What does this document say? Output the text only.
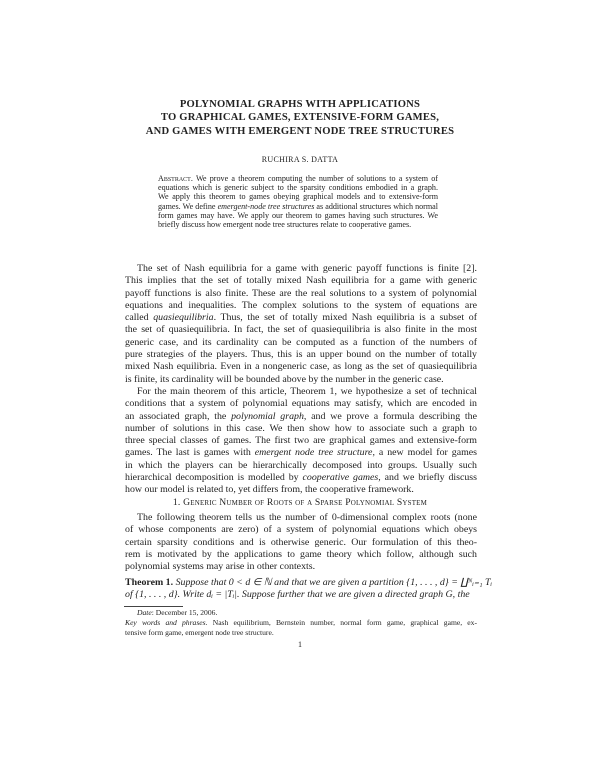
POLYNOMIAL GRAPHS WITH APPLICATIONS
TO GRAPHICAL GAMES, EXTENSIVE-FORM GAMES,
AND GAMES WITH EMERGENT NODE TREE STRUCTURES
RUCHIRA S. DATTA
Abstract. We prove a theorem computing the number of solutions to a system of
equations which is generic subject to the sparsity conditions embodied in a graph.
We apply this theorem to games obeying graphical models and to extensive-form
games. We define emergent-node tree structures as additional structures which normal
form games may have. We apply our theorem to games having such structures. We
briefly discuss how emergent node tree structures relate to cooperative games.
The set of Nash equilibria for a game with generic payoff functions is finite [2].
This implies that the set of totally mixed Nash equilibria for a game with generic
payoff functions is also finite. These are the real solutions to a system of polynomial
equations and inequalities. The complex solutions to the system of equations are
called quasiequilibria. Thus, the set of totally mixed Nash equilibria is a subset of
the set of quasiequilibria. In fact, the set of quasiequilibria is also finite in the most
generic case, and its cardinality can be computed as a function of the numbers of
pure strategies of the players. Thus, this is an upper bound on the number of totally
mixed Nash equilibria. Even in a nongeneric case, as long as the set of quasiequilibria
is finite, its cardinality will be bounded above by the number in the generic case.
For the main theorem of this article, Theorem 1, we hypothesize a set of technical
conditions that a system of polynomial equations may satisfy, which are encoded in
an associated graph, the polynomial graph, and we prove a formula describing the
number of solutions in this case. We then show how to associate such a graph to
three special classes of games. The first two are graphical games and extensive-form
games. The last is games with emergent node tree structure, a new model for games
in which the players can be hierarchically decomposed into groups. Usually such
hierarchical decomposition is modelled by cooperative games, and we briefly discuss
how our model is related to, yet differs from, the cooperative framework.
1. Generic Number of Roots of a Sparse Polynomial System
The following theorem tells us the number of 0-dimensional complex roots (none
of whose components are zero) of a system of polynomial equations which obeys
certain sparsity conditions and is otherwise generic. Our formulation of this theo-
rem is motivated by the applications to game theory which follow, although such
polynomial systems may arise in other contexts.
Theorem 1. Suppose that 0 < d ∈ ℕ and that we are given a partition {1, . . . , d} = ∐ᴺᵢ₌₁ Tᵢ
of {1, . . . , d}. Write dᵢ = |Tᵢ|. Suppose further that we are given a directed graph G, the
Date: December 15, 2006.
Key words and phrases. Nash equilibrium, Bernstein number, normal form game, graphical game, ex-
tensive form game, emergent node tree structure.
1
